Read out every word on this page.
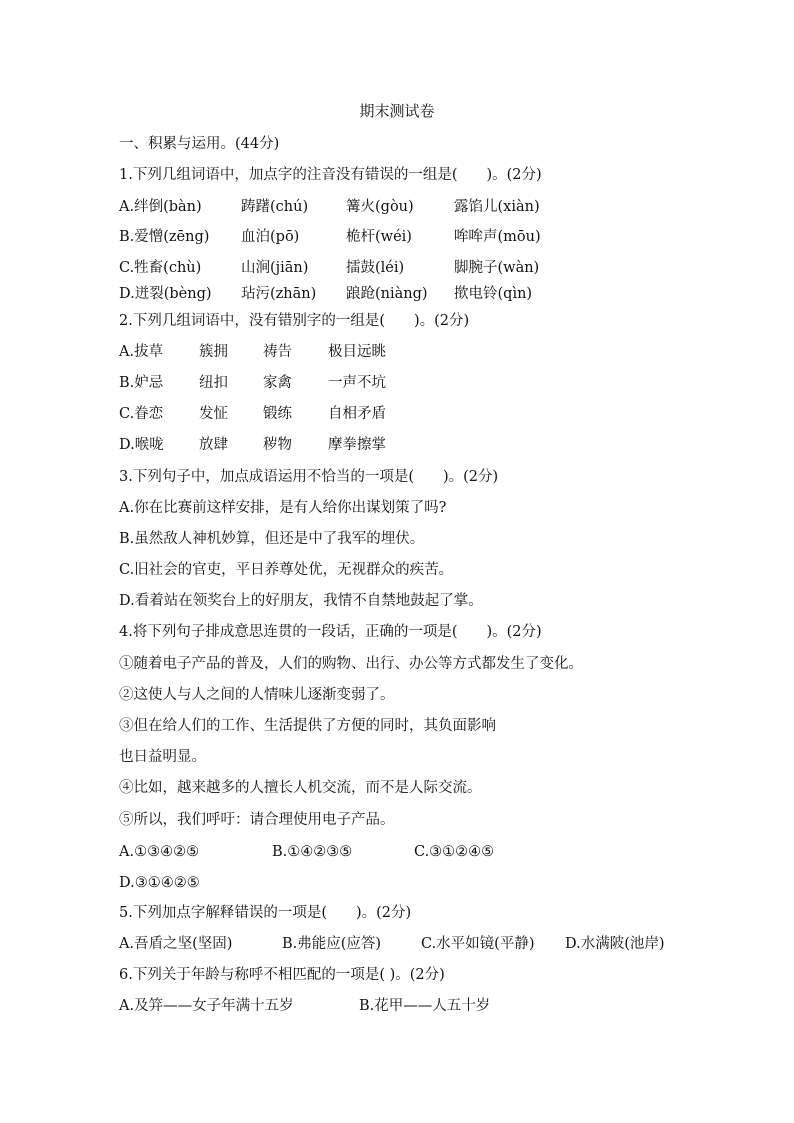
期末测试卷
一、积累与运用。(44分)
1.下列几组词语中，加点字的注音没有错误的一组是(　　)。(2分)
A.绊倒(bàn)	踌躇(chú)	篝火(gòu)	露馅儿(xiàn)
B.爱憎(zēng) 血泊(pō)	桅杆(wéi)	哞哞声(mōu)
C.牲畜(chù)	山涧(jiān)	擂鼓(léi)	脚腕子(wàn)
D.迸裂(bèng) 玷污(zhān) 踉跄(niàng) 揿电铃(qìn)
2.下列几组词语中，没有错别字的一组是(　　)。(2分)
A.拔草 簇拥 祷告 极目远眺
B.妒忌 纽扣 家禽 一声不坑
C.眷恋 发怔 锻练 自相矛盾
D.喉咙 放肆 秽物 摩拳擦掌
3.下列句子中，加点成语运用不恰当的一项是(　　)。(2分)
A.你在比赛前这样安排，是有人给你出谋划策了吗?
B.虽然敌人神机妙算，但还是中了我军的埋伏。
C.旧社会的官吏，平日养尊处优，无视群众的疾苦。
D.看着站在领奖台上的好朋友，我情不自禁地鼓起了掌。
4.将下列句子排成意思连贯的一段话，正确的一项是(　　)。(2分)
①随着电子产品的普及，人们的购物、出行、办公等方式都发生了变化。
②这使人与人之间的人情味儿逐渐变弱了。
③但在给人们的工作、生活提供了方便的同时，其负面影响
也日益明显。
④比如，越来越多的人擅长人机交流，而不是人际交流。
⑤所以，我们呼吁：请合理使用电子产品。
A.①③④②⑤	B.①④②③⑤	C.③①②④⑤
D.③①④②⑤
5.下列加点字解释错误的一项是(　　)。(2分)
A.吾盾之坚(坚固)	B.弗能应(应答)	C.水平如镜(平静) D.水满陂(池岸)
6.下列关于年龄与称呼不相匹配的一项是( )。(2分)
A.及笄——女子年满十五岁	B.花甲——人五十岁
